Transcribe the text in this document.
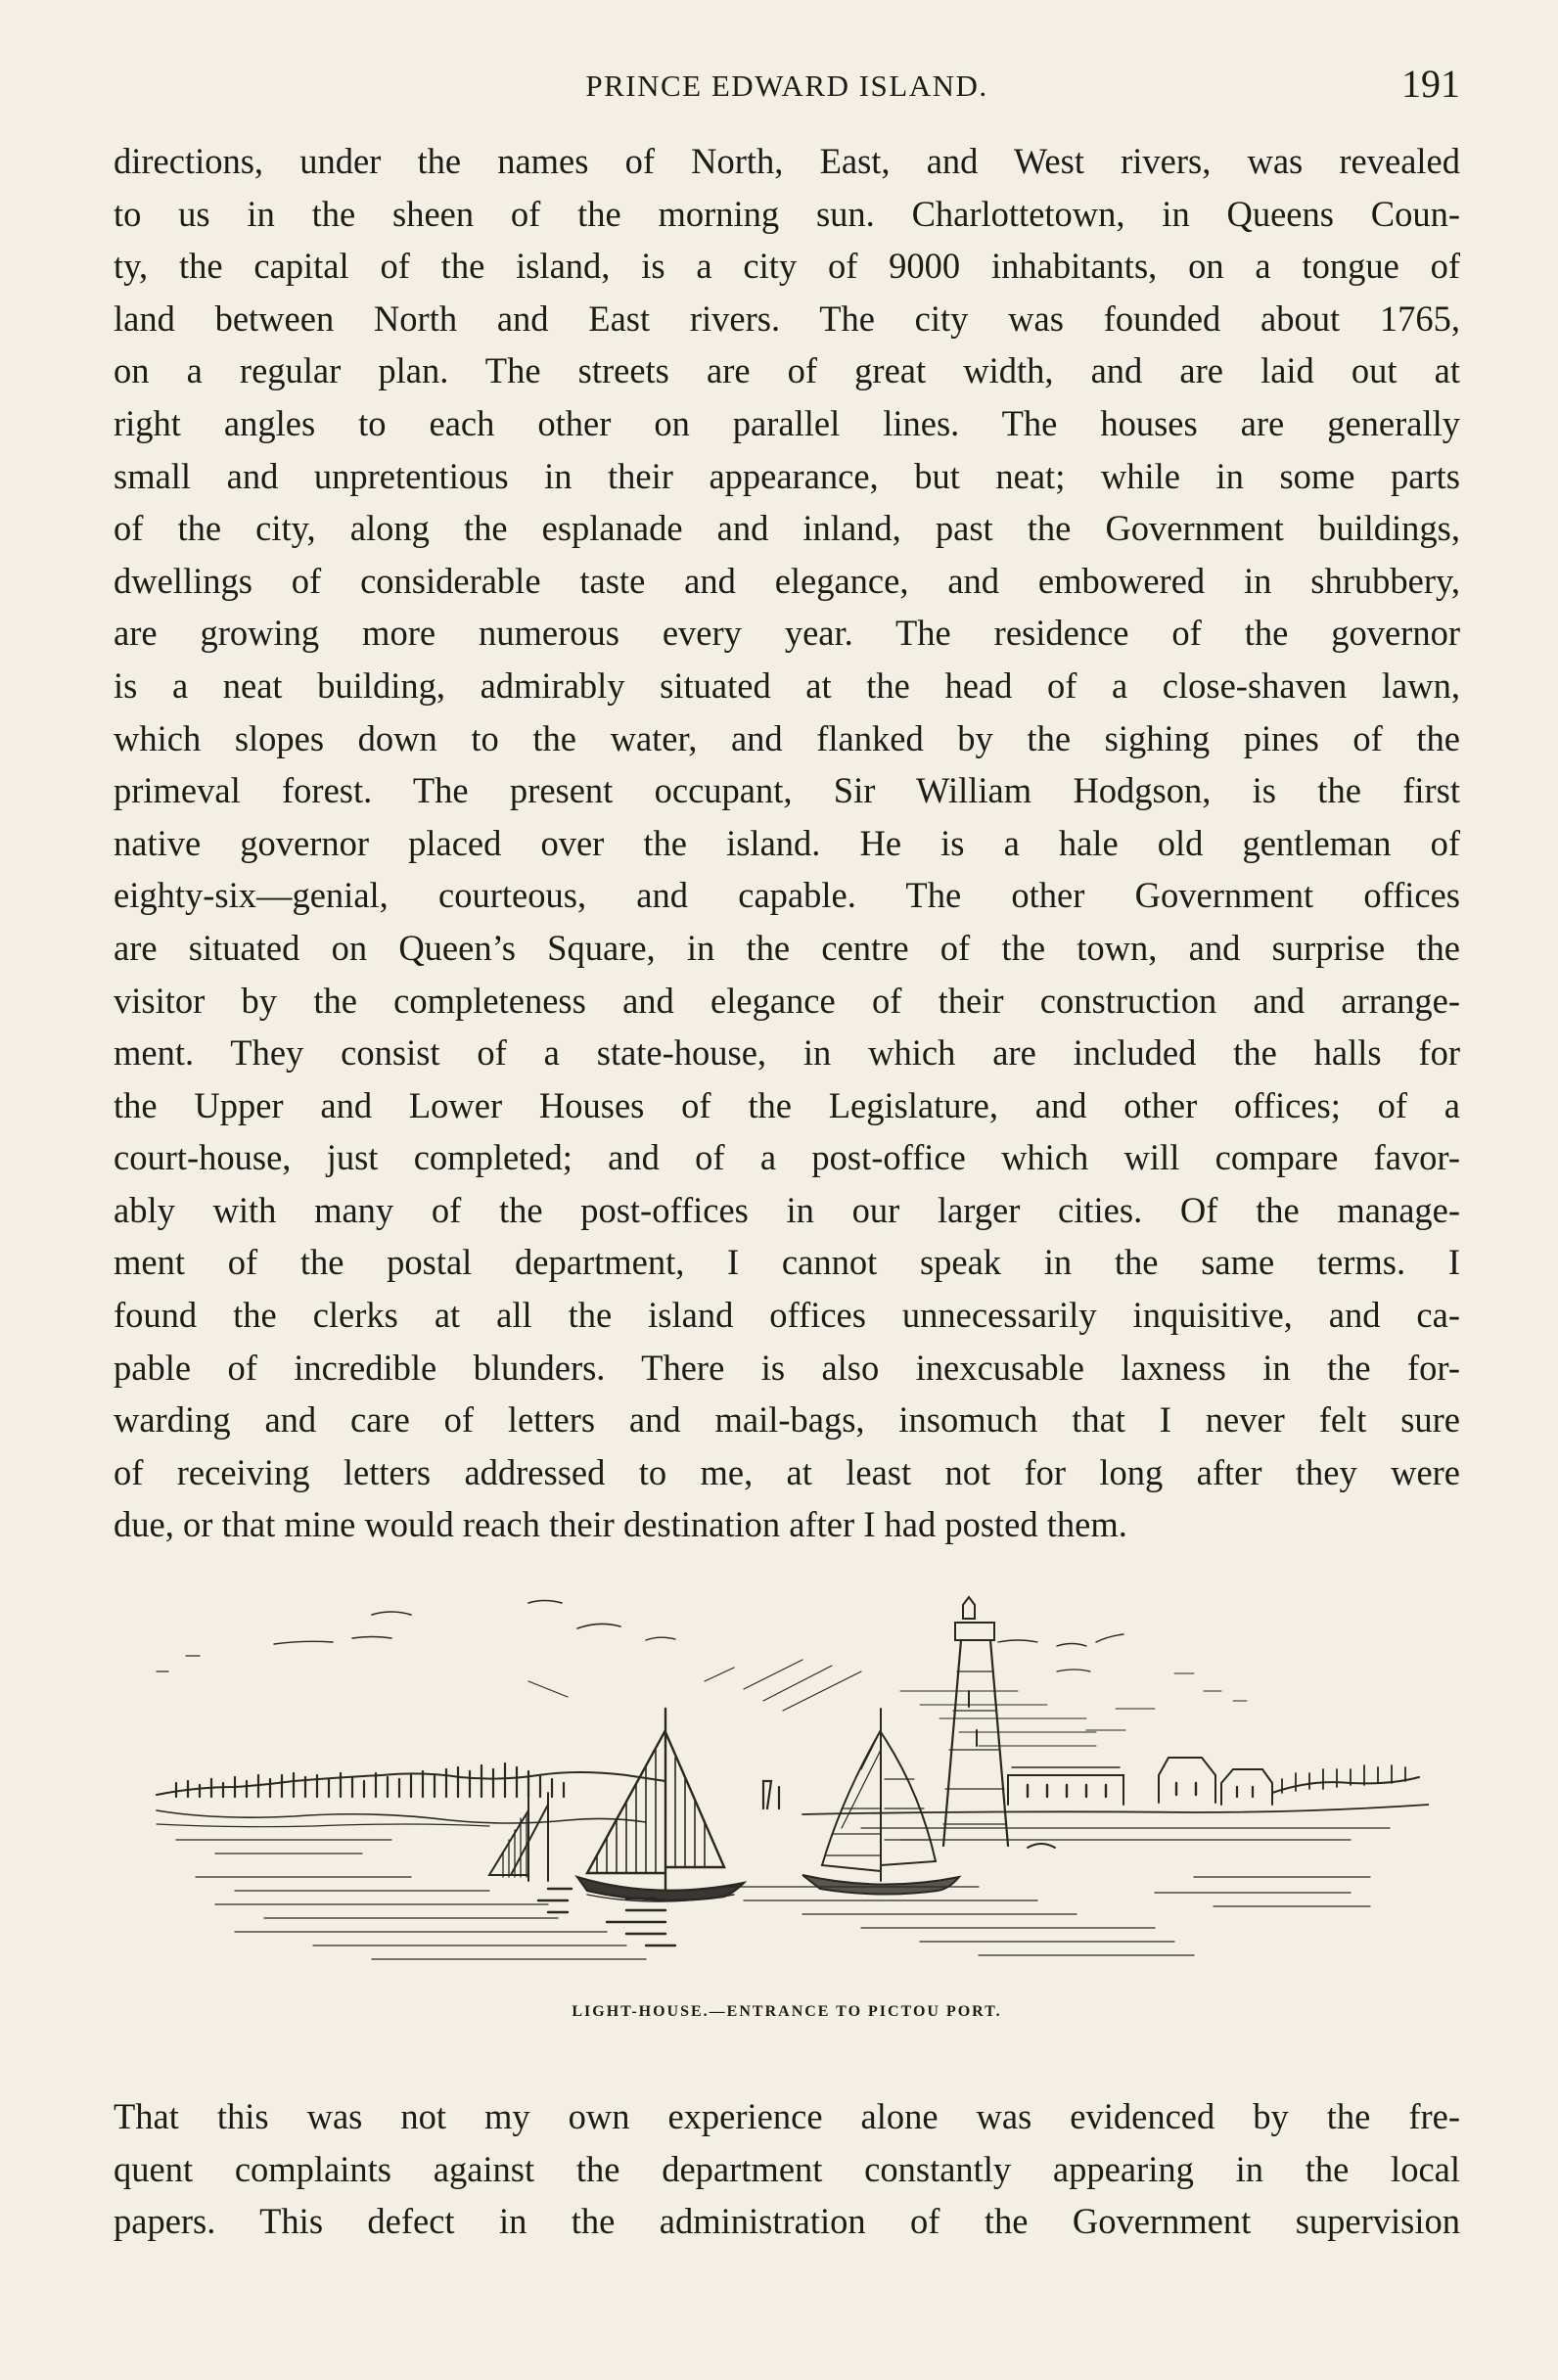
PRINCE EDWARD ISLAND.	191
directions, under the names of North, East, and West rivers, was revealed
to us in the sheen of the morning sun. Charlottetown, in Queens Coun-
ty, the capital of the island, is a city of 9000 inhabitants, on a tongue of
land between North and East rivers. The city was founded about 1765,
on a regular plan. The streets are of great width, and are laid out at
right angles to each other on parallel lines. The houses are generally
small and unpretentious in their appearance, but neat; while in some parts
of the city, along the esplanade and inland, past the Government buildings,
dwellings of considerable taste and elegance, and embowered in shrubbery,
are growing more numerous every year. The residence of the governor
is a neat building, admirably situated at the head of a close-shaven lawn,
which slopes down to the water, and flanked by the sighing pines of the
primeval forest. The present occupant, Sir William Hodgson, is the first
native governor placed over the island. He is a hale old gentleman of
eighty-six—genial, courteous, and capable. The other Government offices
are situated on Queen’s Square, in the centre of the town, and surprise the
visitor by the completeness and elegance of their construction and arrange-
ment. They consist of a state-house, in which are included the halls for
the Upper and Lower Houses of the Legislature, and other offices; of a
court-house, just completed; and of a post-office which will compare favor-
ably with many of the post-offices in our larger cities. Of the manage-
ment of the postal department, I cannot speak in the same terms. I
found the clerks at all the island offices unnecessarily inquisitive, and ca-
pable of incredible blunders. There is also inexcusable laxness in the for-
warding and care of letters and mail-bags, insomuch that I never felt sure
of receiving letters addressed to me, at least not for long after they were
due, or that mine would reach their destination after I had posted them.
LIGHT-HOUSE.—ENTRANCE TO PICTOU PORT.
That this was not my own experience alone was evidenced by the fre-
quent complaints against the department constantly appearing in the local
papers. This defect in the administration of the Government supervision
